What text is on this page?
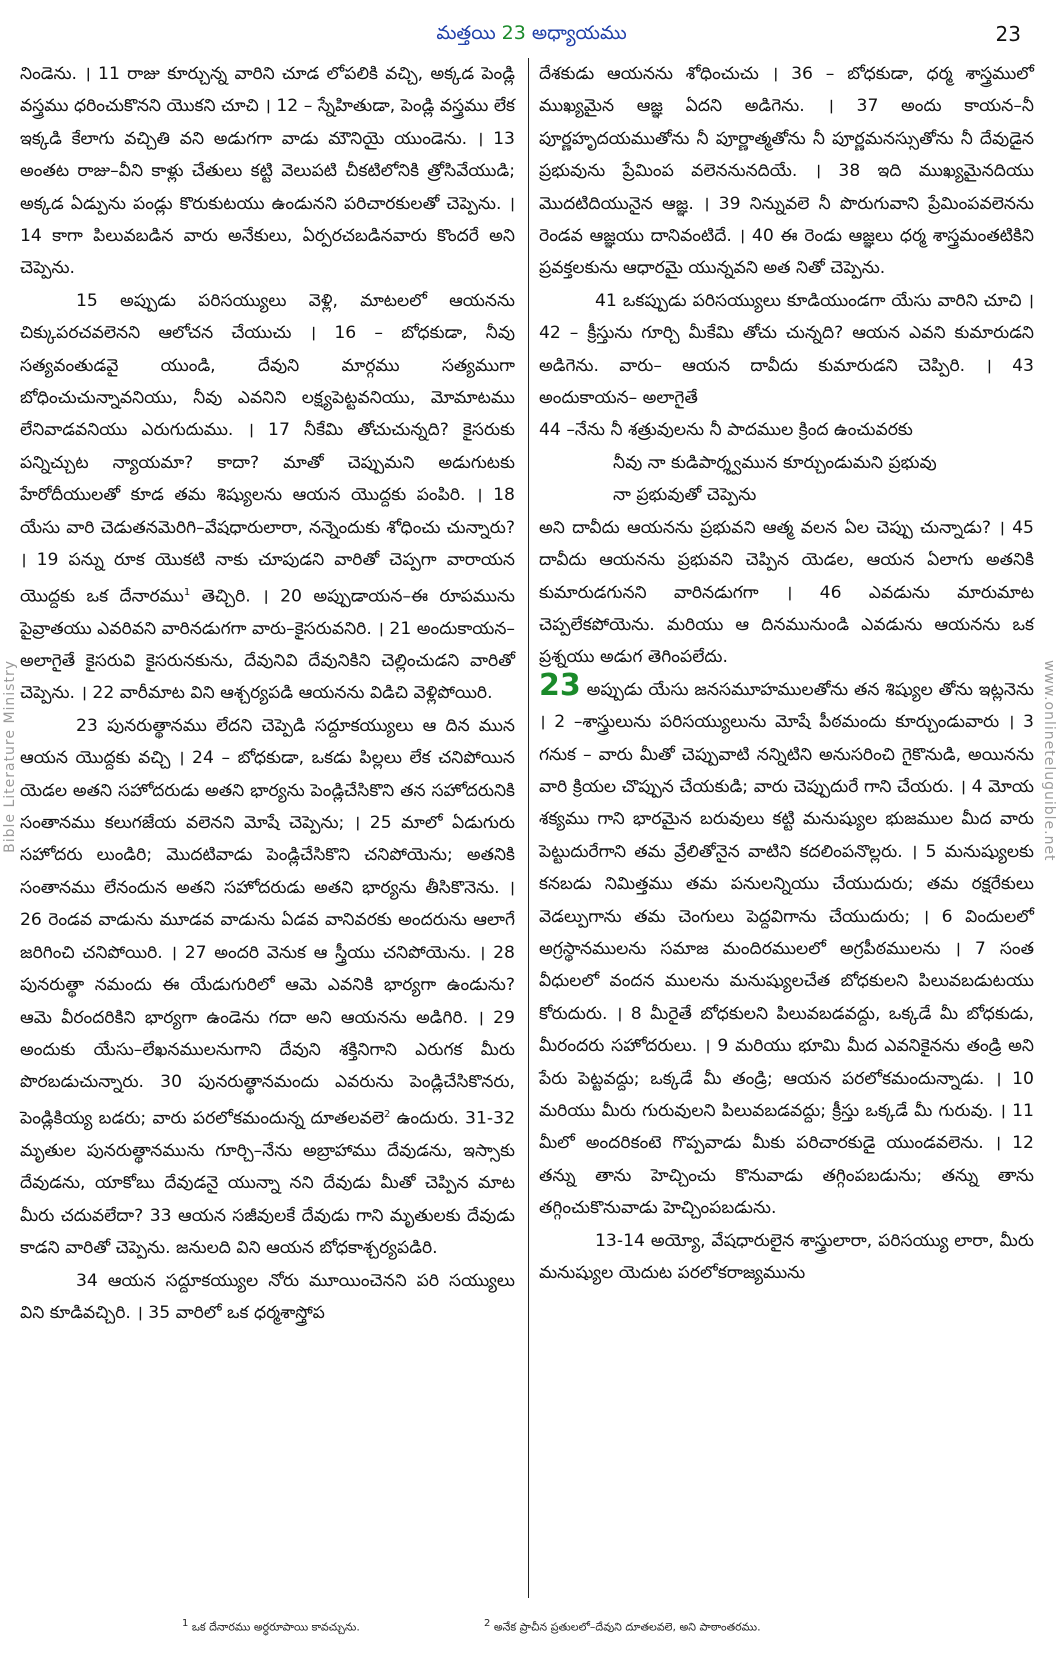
మత్తయి 23 అధ్యాయము	23

నిండెను. । 11 రాజు కూర్చున్న వారిని చూడ లోపలికి వచ్చి, అక్కడ పెండ్లి వస్త్రము ధరించుకొనని యొకని చూచి । 12 – స్నేహితుడా, పెండ్లి వస్త్రము లేక ఇక్కడి కేలాగు వచ్చితి వని అడుగగా వాడు మౌనియై యుండెను. । 13 అంతట రాజు–వీని కాళ్లు చేతులు కట్టి వెలుపటి చీకటిలోనికి త్రోసివేయుడి; అక్కడ ఏడ్పును పండ్లు కొరుకుటయు ఉండునని పరిచారకులతో చెప్పెను. । 14 కాగా పిలువబడిన వారు అనేకులు, ఏర్పరచబడినవారు కొందరే అని చెప్పెను.

15 అప్పుడు పరిసయ్యులు వెళ్లి, మాటలలో ఆయనను చిక్కుపరచవలెనని ఆలోచన చేయుచు । 16 – బోధకుడా, నీవు సత్యవంతుడవై యుండి, దేవుని మార్గము సత్యముగా బోధించుచున్నావనియు, నీవు ఎవనిని లక్ష్యపెట్టవనియు, మోమాటము లేనివాడవనియు ఎరుగుదుము. । 17 నీకేమి తోచుచున్నది? కైసరుకు పన్నిచ్చుట న్యాయమా? కాదా? మాతో చెప్పుమని అడుగుటకు హేరోదీయులతో కూడ తమ శిష్యులను ఆయన యొద్దకు పంపిరి. । 18 యేసు వారి చెడుతనమెరిగి–వేషధారులారా, నన్నెందుకు శోధించు చున్నారు? । 19 పన్ను రూక యొకటి నాకు చూపుడని వారితో చెప్పగా వారాయన యొద్దకు ఒక దేనారము$^1$ తెచ్చిరి. । 20 అప్పుడాయన–ఈ రూపమును పైవ్రాతయు ఎవరివని వారినడుగగా వారు–కైసరువనిరి. । 21 అందుకాయన–అలాగైతే కైసరువి కైసరునకును, దేవునివి దేవునికిని చెల్లించుడని వారితో చెప్పెను. । 22 వారీమాట విని ఆశ్చర్యపడి ఆయనను విడిచి వెళ్లిపోయిరి.

23 పునరుత్థానము లేదని చెప్పెడి సద్దూకయ్యులు ఆ దిన మున ఆయన యొద్దకు వచ్చి । 24 – బోధకుడా, ఒకడు పిల్లలు లేక చనిపోయిన యెడల అతని సహోదరుడు అతని భార్యను పెండ్లిచేసికొని తన సహోదరునికి సంతానము కలుగజేయ వలెనని మోషే చెప్పెను; । 25 మాలో ఏడుగురు సహోదరు లుండిరి; మొదటివాడు పెండ్లిచేసికొని చనిపోయెను; అతనికి సంతానము లేనందున అతని సహోదరుడు అతని భార్యను తీసికొనెను. । 26 రెండవ వాడును మూడవ వాడును ఏడవ వానివరకు అందరును ఆలాగే జరిగించి చనిపోయిరి. । 27 అందరి వెనుక ఆ స్త్రీయు చనిపోయెను. । 28 పునరుత్థా నమందు ఈ యేడుగురిలో ఆమె ఎవనికి భార్యగా ఉండును? ఆమె వీరందరికిని భార్యగా ఉండెను గదా అని ఆయనను అడిగిరి. । 29 అందుకు యేసు–లేఖనములనుగాని దేవుని శక్తినిగాని ఎరుగక మీరు పొరబడుచున్నారు. 30 పునరుత్థానమందు ఎవరును పెండ్లిచేసికొనరు, పెండ్లికియ్య బడరు; వారు పరలోకమందున్న దూతలవలె$^2$ ఉందురు. 31-32 మృతుల పునరుత్థానమును గూర్చి–నేను అబ్రాహాము దేవుడను, ఇస్సాకు దేవుడను, యాకోబు దేవుడనై యున్నా నని దేవుడు మీతో చెప్పిన మాట మీరు చదువలేదా? 33 ఆయన సజీవులకే దేవుడు గాని మృతులకు దేవుడు కాడని వారితో చెప్పెను. జనులది విని ఆయన బోధకాశ్చర్యపడిరి.

34 ఆయన సద్దూకయ్యుల నోరు మూయించెనని పరి సయ్యులు విని కూడివచ్చిరి. । 35 వారిలో ఒక ధర్మశాస్త్రోప

దేశకుడు ఆయనను శోధించుచు । 36 – బోధకుడా, ధర్మ శాస్త్రములో ముఖ్యమైన ఆజ్ఞ ఏదని అడిగెను. । 37 అందు కాయన–నీ పూర్ణహృదయముతోను నీ పూర్ణాత్మతోను నీ పూర్ణమనస్సుతోను నీ దేవుడైన ప్రభువును ప్రేమింప వలెననునదియే. । 38 ఇది ముఖ్యమైనదియు మొదటిదియునైన ఆజ్ఞ. । 39 నిన్నువలె నీ పొరుగువాని ప్రేమింపవలెనను రెండవ ఆజ్ఞయు దానివంటిదే. । 40 ఈ రెండు ఆజ్ఞలు ధర్మ శాస్త్రమంతటికిని ప్రవక్తలకును ఆధారమై యున్నవని అత నితో చెప్పెను.

41 ఒకప్పుడు పరిసయ్యులు కూడియుండగా యేసు వారిని చూచి । 42 – క్రీస్తును గూర్చి మీకేమి తోచు చున్నది? ఆయన ఎవని కుమారుడని అడిగెను. వారు– ఆయన దావీదు కుమారుడని చెప్పిరి. । 43 అందుకాయన– అలాగైతే

44 –నేను నీ శత్రువులను నీ పాదముల క్రింద ఉంచువరకు

నీవు నా కుడిపార్శ్వమున కూర్చుండుమని ప్రభువు

నా ప్రభువుతో చెప్పెను

అని దావీదు ఆయనను ప్రభువని ఆత్మ వలన ఏల చెప్పు చున్నాడు? । 45 దావీదు ఆయనను ప్రభువని చెప్పిన యెడల, ఆయన ఏలాగు అతనికి కుమారుడగునని వారినడుగగా । 46 ఎవడును మారుమాట చెప్పలేకపోయెను. మరియు ఆ దినమునుండి ఎవడును ఆయనను ఒక ప్రశ్నయు అడుగ తెగింపలేదు.

23 అప్పుడు యేసు జనసమూహములతోను తన శిష్యుల తోను ఇట్లనెను । 2 –శాస్త్రులును పరిసయ్యులును మోషే పీఠమందు కూర్చుండువారు । 3 గనుక – వారు మీతో చెప్పువాటి నన్నిటిని అనుసరించి గైకొనుడి, అయినను వారి క్రియల చొప్పున చేయకుడి; వారు చెప్పుదురే గాని చేయరు. । 4 మోయ శక్యము గాని భారమైన బరువులు కట్టి మనుష్యుల భుజముల మీద వారు పెట్టుదురేగాని తమ వ్రేలితోనైన వాటిని కదలింపనొల్లరు. । 5 మనుష్యులకు కనబడు నిమిత్తము తమ పనులన్నియు చేయుదురు; తమ రక్షరేకులు వెడల్పుగాను తమ చెంగులు పెద్దవిగాను చేయుదురు; । 6 విందులలో అగ్రస్థానములను సమాజ మందిరములలో అగ్రపీఠములను । 7 సంత వీధులలో వందన ములను మనుష్యులచేత బోధకులని పిలువబడుటయు కోరుదురు. । 8 మీరైతే బోధకులని పిలువబడవద్దు, ఒక్కడే మీ బోధకుడు, మీరందరు సహోదరులు. । 9 మరియు భూమి మీద ఎవనికైనను తండ్రి అని పేరు పెట్టవద్దు; ఒక్కడే మీ తండ్రి; ఆయన పరలోకమందున్నాడు. । 10 మరియు మీరు గురువులని పిలువబడవద్దు; క్రీస్తు ఒక్కడే మీ గురువు. । 11 మీలో అందరికంటె గొప్పవాడు మీకు పరిచారకుడై యుండవలెను. । 12 తన్ను తాను హెచ్చించు కొనువాడు తగ్గింపబడును; తన్ను తాను తగ్గించుకొనువాడు హెచ్చింపబడును.

13-14 అయ్యో, వేషధారులైన శాస్త్రులారా, పరిసయ్యు లారా, మీరు మనుష్యుల యెదుట పరలోకరాజ్యమును

Bible Literature Ministry	www.onlineteluguible.net
$^1$ ఒక దేనారము అర్ధరూపాయి కావచ్చును.	$^2$ అనేక ప్రాచీన ప్రతులలో–దేవుని దూతలవలె, అని పాఠాంతరము.
